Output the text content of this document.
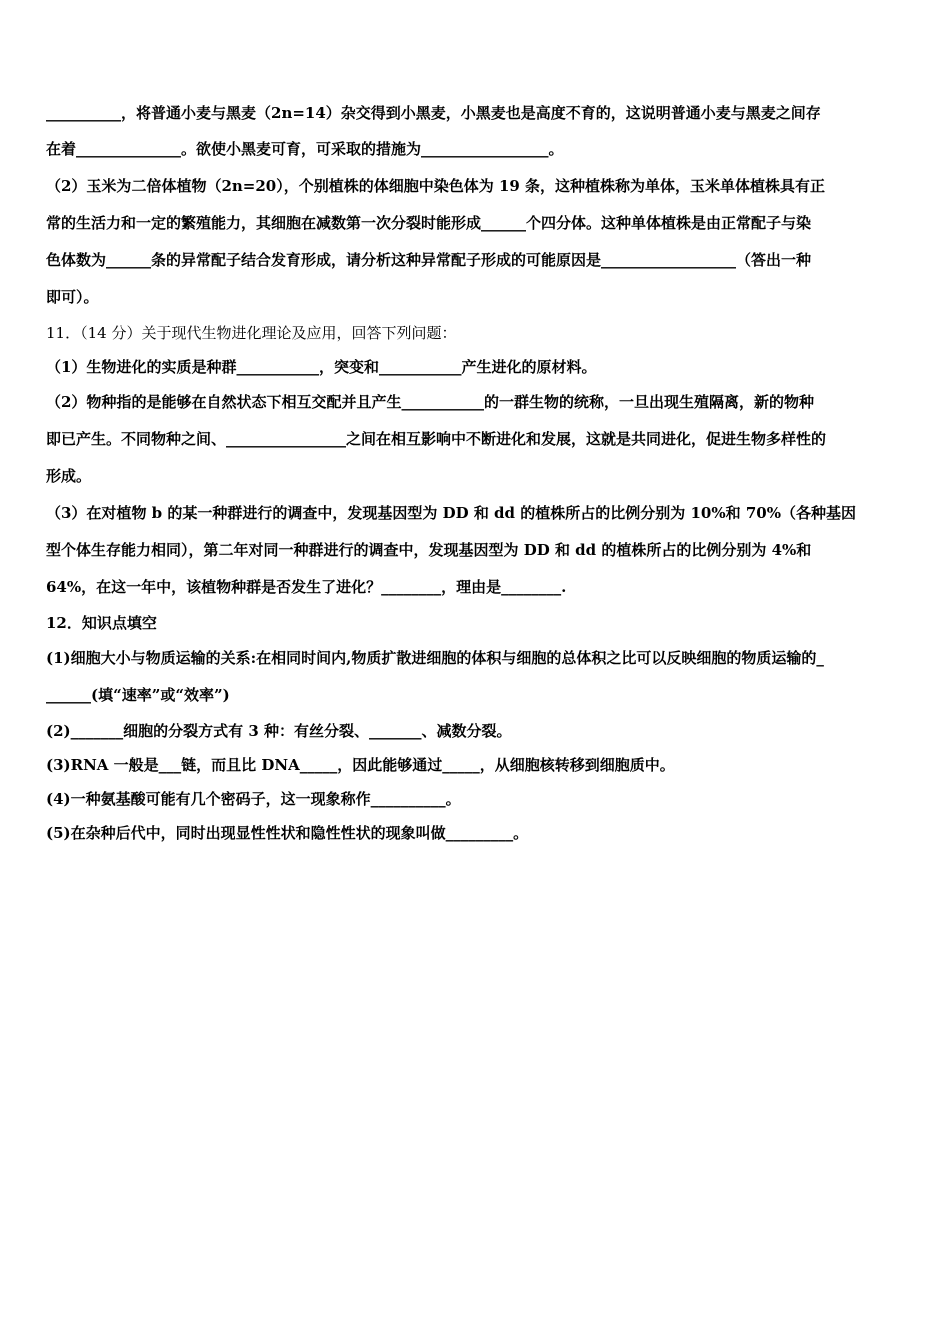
__________，将普通小麦与黑麦（2n=14）杂交得到小黑麦，小黑麦也是高度不育的，这说明普通小麦与黑麦之间存
在着______________。欲使小黑麦可育，可采取的措施为_________________。
（2）玉米为二倍体植物（2n=20），个别植株的体细胞中染色体为 19 条，这种植株称为单体，玉米单体植株具有正
常的生活力和一定的繁殖能力，其细胞在减数第一次分裂时能形成______个四分体。这种单体植株是由正常配子与染
色体数为______条的异常配子结合发育形成，请分析这种异常配子形成的可能原因是__________________（答出一种
即可）。
11．（14 分）关于现代生物进化理论及应用，回答下列问题：
（1）生物进化的实质是种群___________，突变和___________产生进化的原材料。
（2）物种指的是能够在自然状态下相互交配并且产生___________的一群生物的统称，一旦出现生殖隔离，新的物种
即已产生。不同物种之间、________________之间在相互影响中不断进化和发展，这就是共同进化，促进生物多样性的
形成。
（3）在对植物 b 的某一种群进行的调查中，发现基因型为 DD 和 dd 的植株所占的比例分别为 10%和 70%（各种基因
型个体生存能力相同），第二年对同一种群进行的调查中，发现基因型为 DD 和 dd 的植株所占的比例分别为 4%和
64%，在这一年中，该植物种群是否发生了进化？________，理由是________.
12．知识点填空
(1)细胞大小与物质运输的关系:在相同时间内,物质扩散进细胞的体积与细胞的总体积之比可以反映细胞的物质运输的_
______(填“速率”或“效率”)
(2)_______细胞的分裂方式有 3 种：有丝分裂、_______、减数分裂。
(3)RNA 一般是___链，而且比 DNA_____，因此能够通过_____，从细胞核转移到细胞质中。
(4)一种氨基酸可能有几个密码子，这一现象称作__________。
(5)在杂种后代中，同时出现显性性状和隐性性状的现象叫做_________。
